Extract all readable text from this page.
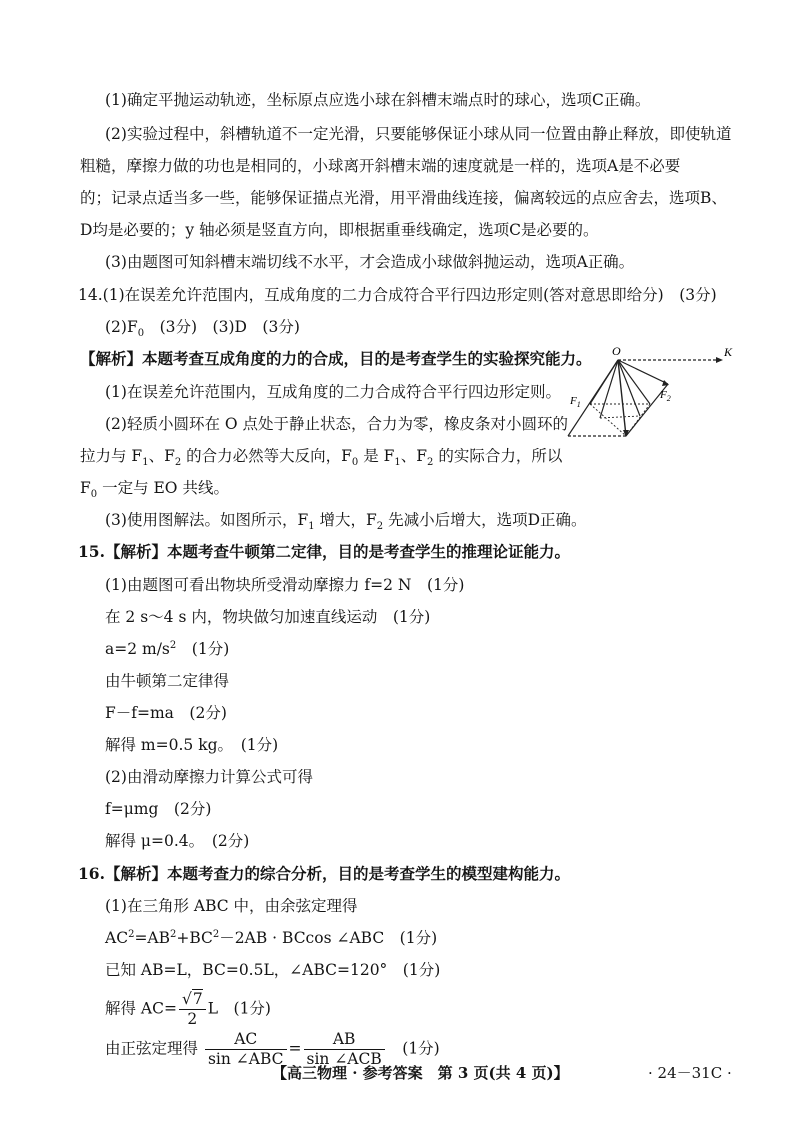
(1)确定平抛运动轨迹，坐标原点应选小球在斜槽末端点时的球心，选项C正确。
(2)实验过程中，斜槽轨道不一定光滑，只要能够保证小球从同一位置由静止释放，即使轨道
粗糙，摩擦力做的功也是相同的，小球离开斜槽末端的速度就是一样的，选项A是不必要
的；记录点适当多一些，能够保证描点光滑，用平滑曲线连接，偏离较远的点应舍去，选项B、
D均是必要的；y 轴必须是竖直方向，即根据重垂线确定，选项C是必要的。
(3)由题图可知斜槽末端切线不水平，才会造成小球做斜抛运动，选项A正确。
14.(1)在误差允许范围内，互成角度的二力合成符合平行四边形定则(答对意思即给分)　(3分)
$(2)F_0$　(3分)　(3)D　(3分)
【解析】本题考查互成角度的力的合成，目的是考查学生的实验探究能力。
(1)在误差允许范围内，互成角度的二力合成符合平行四边形定则。
(2)轻质小圆环在 O 点处于静止状态，合力为零，橡皮条对小圆环的
拉力与 $F_1$、$F_2$ 的合力必然等大反向，$F_0$ 是 $F_1$、$F_2$ 的实际合力，所以
$F_0$ 一定与 EO 共线。
(3)使用图解法。如图所示，$F_1$ 增大，$F_2$ 先减小后增大，选项D正确。
O	K
$F_1$
$F_2$
15.【解析】本题考查牛顿第二定律，目的是考查学生的推理论证能力。
(1)由题图可看出物块所受滑动摩擦力 f=2 N　(1分)
在 2 s～4 s 内，物块做匀加速直线运动　(1分)
a=2 $m/s^2$　(1分)
由牛顿第二定律得
F－f=ma　(2分)
解得 m=0.5 kg。　(1分)
(2)由滑动摩擦力计算公式可得
f=μmg　(2分)
解得 μ=0.4。　(2分)
16.【解析】本题考查力的综合分析，目的是考查学生的模型建构能力。
(1)在三角形 ABC 中，由余弦定理得
$AC^2=AB^2+BC^2-2AB \cdot BCcos$ ∠ABC　(1分)
已知 AB=L，BC=0.5L，∠ABC=120°　(1分)
解得 $AC= \frac{√7}{2}$ L　(1分)
由正弦定理得 $\frac{AC}{\text{sin ∠ABC}} = \frac{AB}{\text{sin ∠ACB}}$ 　(1分)
【高三物理 · 参考答案　第 3 页(共 4 页)】	· 24－31C ·
